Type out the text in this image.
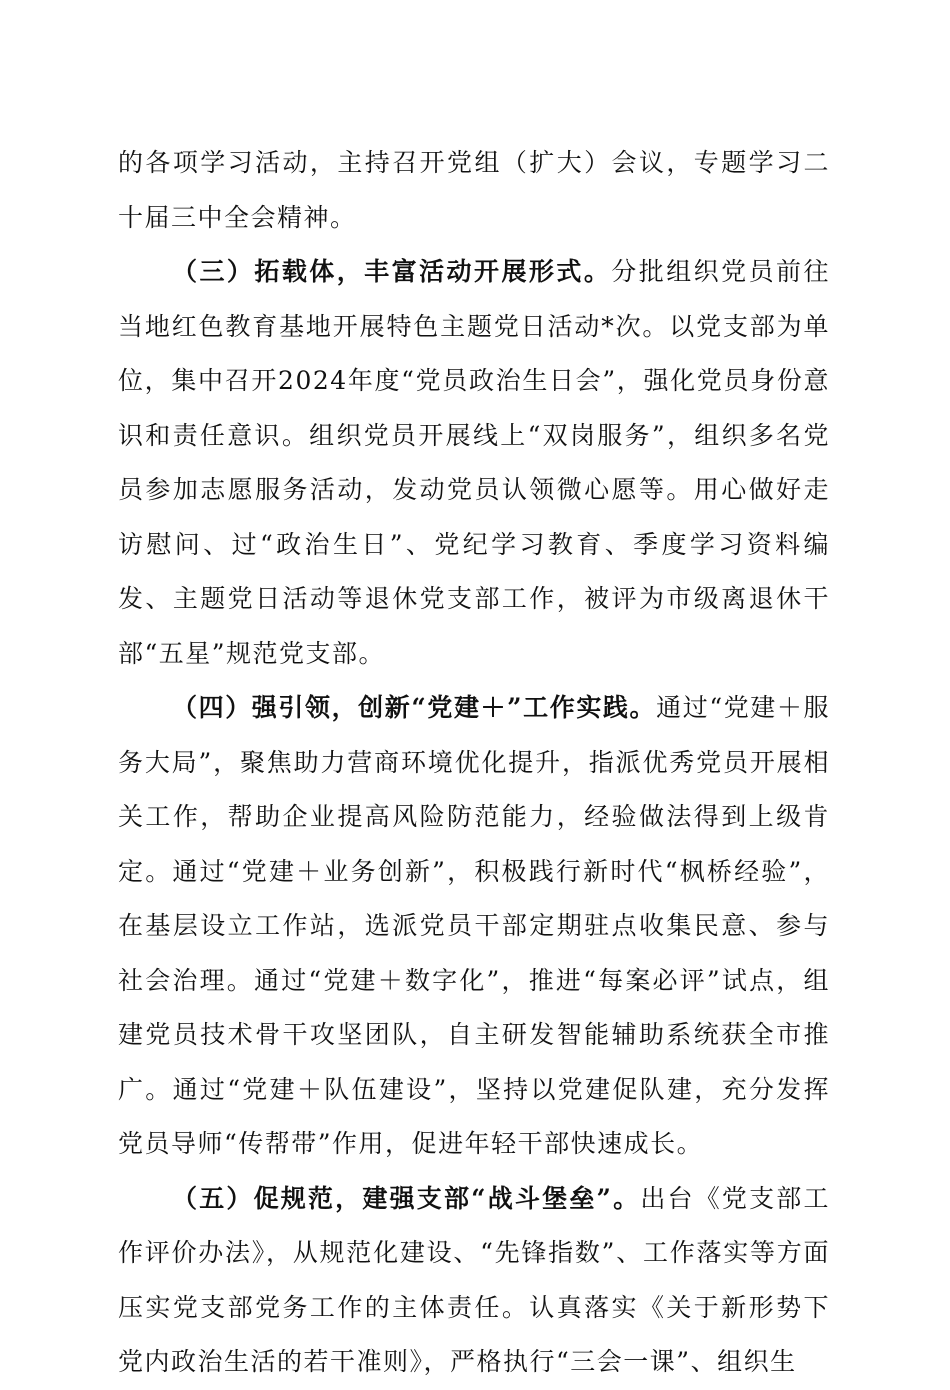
的各项学习活动，主持召开党组（扩大）会议，专题学习二十届三中全会精神。

（三）拓载体，丰富活动开展形式。分批组织党员前往当地红色教育基地开展特色主题党日活动*次。以党支部为单位，集中召开2024年度“党员政治生日会”，强化党员身份意识和责任意识。组织党员开展线上“双岗服务”，组织多名党员参加志愿服务活动，发动党员认领微心愿等。用心做好走访慰问、过“政治生日”、党纪学习教育、季度学习资料编发、主题党日活动等退休党支部工作，被评为市级离退休干部“五星”规范党支部。

（四）强引领，创新“党建＋”工作实践。通过“党建＋服务大局”，聚焦助力营商环境优化提升，指派优秀党员开展相关工作，帮助企业提高风险防范能力，经验做法得到上级肯定。通过“党建＋业务创新”，积极践行新时代“枫桥经验”，在基层设立工作站，选派党员干部定期驻点收集民意、参与社会治理。通过“党建＋数字化”，推进“每案必评”试点，组建党员技术骨干攻坚团队，自主研发智能辅助系统获全市推广。通过“党建＋队伍建设”，坚持以党建促队建，充分发挥党员导师“传帮带”作用，促进年轻干部快速成长。

（五）促规范，建强支部“战斗堡垒”。出台《党支部工作评价办法》，从规范化建设、“先锋指数”、工作落实等方面压实党支部党务工作的主体责任。认真落实《关于新形势下党内政治生活的若干准则》，严格执行“三会一课”、组织生
